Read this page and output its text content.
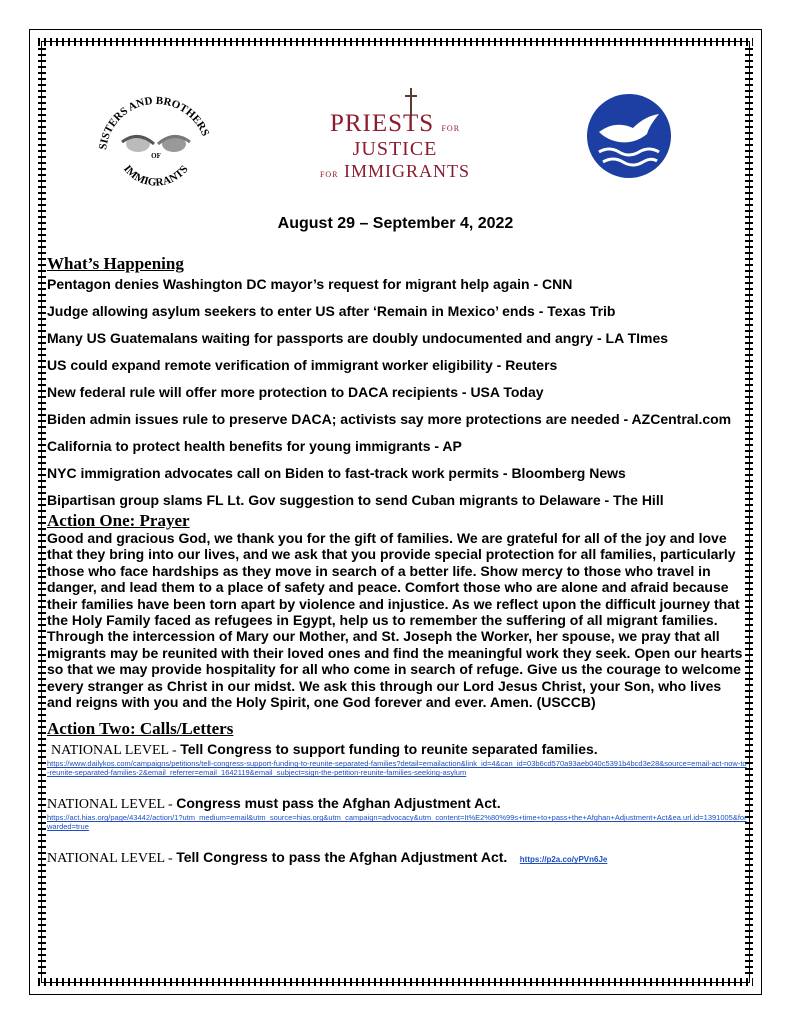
SISTERS AND BROTHERS
IMMIGRANTS
OF
PRIESTS FOR
JUSTICE
FOR IMMIGRANTS
August 29 – September 4, 2022
What’s Happening

Pentagon denies Washington DC mayor’s request for migrant help again - CNN

Judge allowing asylum seekers to enter US after ‘Remain in Mexico’ ends - Texas Trib

Many US Guatemalans waiting for passports are doubly undocumented and angry - LA TImes

US could expand remote verification of immigrant worker eligibility - Reuters

New federal rule will offer more protection to DACA recipients - USA Today

Biden admin issues rule to preserve DACA; activists say more protections are needed - AZCentral.com

California to protect health benefits for young immigrants - AP

NYC immigration advocates call on Biden to fast-track work permits - Bloomberg News

Bipartisan group slams FL Lt. Gov suggestion to send Cuban migrants to Delaware - The Hill

Action One: Prayer

Good and gracious God, we thank you for the gift of families. We are grateful for all of the joy and love that they bring into our lives, and we ask that you provide special protection for all families, particularly those who face hardships as they move in search of a better life. Show mercy to those who travel in danger, and lead them to a place of safety and peace. Comfort those who are alone and afraid because their families have been torn apart by violence and injustice. As we reflect upon the difficult journey that the Holy Family faced as refugees in Egypt, help us to remember the suffering of all migrant families. Through the intercession of Mary our Mother, and St. Joseph the Worker, her spouse, we pray that all migrants may be reunited with their loved ones and find the meaningful work they seek. Open our hearts so that we may provide hospitality for all who come in search of refuge. Give us the courage to welcome every stranger as Christ in our midst. We ask this through our Lord Jesus Christ, your Son, who lives and reigns with you and the Holy Spirit, one God forever and ever. Amen. (USCCB)

Action Two: Calls/Letters
NATIONAL LEVEL - Tell Congress to support funding to reunite separated families.
https://www.dailykos.com/campaigns/petitions/tell-congress-support-funding-to-reunite-separated-families?detail=emailaction&link_id=4&can_id=03b6cd570a93aeb040c5391b4bcd3e28&source=email-act-now-to-reunite-separated-families-2&email_referrer=email_1642119&email_subject=sign-the-petition-reunite-families-seeking-asylum
NATIONAL LEVEL - Congress must pass the Afghan Adjustment Act.
https://act.hias.org/page/43442/action/1?utm_medium=email&utm_source=hias.org&utm_campaign=advocacy&utm_content=It%E2%80%99s+time+to+pass+the+Afghan+Adjustment+Act&ea.url.id=1391005&forwarded=true
NATIONAL LEVEL - Tell Congress to pass the Afghan Adjustment Act. https://p2a.co/yPVn6Je
